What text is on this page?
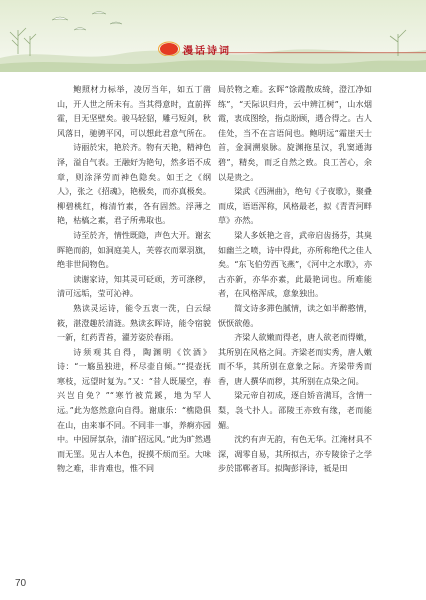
漫话诗词

鲍照材力标举，凌厉当年，如五丁凿山，开人世之所未有。当其得意时，直前挥霍，目无坚壁矣。骏马轻貂，雕弓短剑，秋风落日，驰骋平冈，可以想此君意气所在。

诗丽於宋，艳於齐。物有天艳，精神色泽，溢自气表。王融好为艳句，然多语不成章，则涂泽劳而神色隐矣。如王之《纲人》，张之《招魂》，艳极矣，而亦真极矣。柳碧桃红，梅清竹素，各有固然。浮薄之艳，枯槁之素，君子所弗取也。

诗至於齐，情性既隐，声色大开。谢玄晖艳而韵，如洞庭美人，芙蓉衣而翠羽旗，绝非世间物色。

读谢家诗，知其灵可砭顽，芳可涤秽，清可远垢，莹可沁神。

熟读灵运诗，能令五衷一洗，白云绿筱，湛澄趣於清涟。熟读玄晖诗，能令宿貌一新，红药青苔，濯芳姿於春雨。

诗须观其自得，陶渊明《饮酒》诗：“一觞虽独进，杯尽壶自倾。”“提壶抚寒枝，远望时复为。”又：“昔人既屡空，春兴岂自免？”“寒竹被荒蹊，地为罕人远。”此为悠然意向自得。谢康乐：“樵隐俱在山，由来事不同。不同非一事，养痾亦园中。中园屏氛杂，清旷招远风。”此为旷然遇而无罣。见古人本色，捉摸不烦而至。大味物之难，非肯难也，惟不同

局於物之难。玄晖“馀霞散成绮，澄江净如练”，“天际识归舟，云中辨江树”，山水烟霞，衷成图绘，指点盼顾，遇合得之。古人佳处，当不在言语间也。鲍明远“霜崖天士首，金洞溯泉脉。旋渊拖星汉，乳窦通海碧”，精矣，而乏自然之致。良工苦心，余以是贵之。

梁武《西洲曲》，绝句《子夜歌》，聚叠而成，语语浑称，风格最老，拟《青青河畔草》亦然。

梁人多妖艳之音，武帝启齿扬芬，其臭如幽兰之喷，诗中得此，亦所称绝代之佳人矣。“东飞伯劳西飞燕”，《河中之水歌》，亦古亦新，亦华亦素，此最艳词也。所难能者，在风格浑成，意象独出。

简文诗多滞色腻情，读之如半醉憨情，恹恹欲倦。

齐梁人欲嫩而得老，唐人欲老而得嫩，其所别在风格之间。齐梁老而实秀，唐人嫩而不华，其所别在意象之际。齐梁带秀而香，唐人撰华而秽，其所别在点染之间。

梁元帝自初成，逐自矫音满耳，含情一梨，袅弋扑人。邵陵王亦致有缘，老而能媚。

沈约有声无韵，有色无华。江淹材具不深，凋零自易，其所拟古，亦专陵徐子之学步於邯郸者耳。拟陶彭泽诗，祗是田

70
